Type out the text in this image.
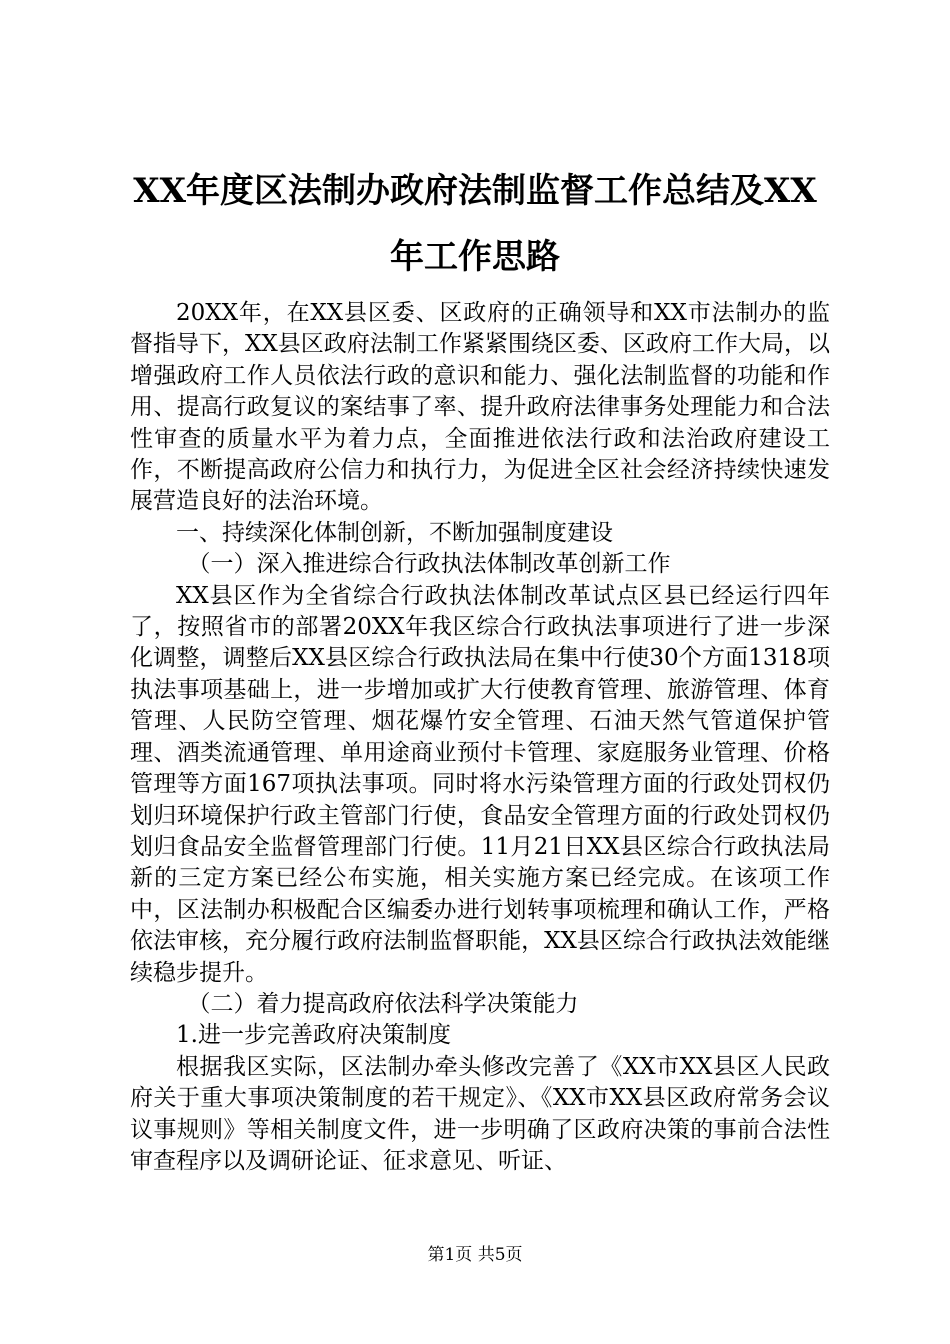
XX年度区法制办政府法制监督工作总结及XX
年工作思路

20XX年，在XX县区委、区政府的正确领导和XX市法制办的监督指导下，XX县区政府法制工作紧紧围绕区委、区政府工作大局，以增强政府工作人员依法行政的意识和能力、强化法制监督的功能和作用、提高行政复议的案结事了率、提升政府法律事务处理能力和合法性审查的质量水平为着力点，全面推进依法行政和法治政府建设工作，不断提高政府公信力和执行力，为促进全区社会经济持续快速发展营造良好的法治环境。

一、持续深化体制创新，不断加强制度建设

（一）深入推进综合行政执法体制改革创新工作

XX县区作为全省综合行政执法体制改革试点区县已经运行四年了，按照省市的部署20XX年我区综合行政执法事项进行了进一步深化调整，调整后XX县区综合行政执法局在集中行使30个方面1318项执法事项基础上，进一步增加或扩大行使教育管理、旅游管理、体育管理、人民防空管理、烟花爆竹安全管理、石油天然气管道保护管理、酒类流通管理、单用途商业预付卡管理、家庭服务业管理、价格管理等方面167项执法事项。同时将水污染管理方面的行政处罚权仍划归环境保护行政主管部门行使，食品安全管理方面的行政处罚权仍划归食品安全监督管理部门行使。11月21日XX县区综合行政执法局新的三定方案已经公布实施，相关实施方案已经完成。在该项工作中，区法制办积极配合区编委办进行划转事项梳理和确认工作，严格依法审核，充分履行政府法制监督职能，XX县区综合行政执法效能继续稳步提升。

（二）着力提高政府依法科学决策能力

1.进一步完善政府决策制度

根据我区实际，区法制办牵头修改完善了《XX市XX县区人民政府关于重大事项决策制度的若干规定》、《XX市XX县区政府常务会议议事规则》等相关制度文件，进一步明确了区政府决策的事前合法性审查程序以及调研论证、征求意见、听证、

第1页 共5页
